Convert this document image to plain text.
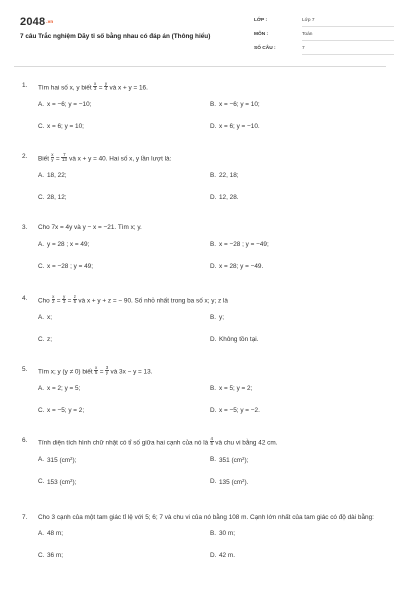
$2048^{.vn}$
7 câu Trắc nghiệm Dãy tỉ số bằng nhau có đáp án (Thông hiểu)
LỚP :	Lớp 7
MÔN :	Toán
SỐ CÂU :	7
1. Tìm hai số x, y biết $\frac{x}{3} = \frac{y}{4}$ và x + y = 16.
A. x = −6; y = −10;	B. x = −6; y = 10;
C. x = 6; y = 10;	D. x = 6; y = −10.
2. Biết $\frac{x}{y} = \frac{7}{13}$ và x + y = 40. Hai số x, y lần lượt là:
A. 18, 22;	B. 22, 18;
C. 28, 12;	D. 12, 28.
3. Cho 7x = 4y và y − x = −21. Tìm x; y.
A. y = 28 ; x = 49;	B. x = −28 ; y = −49;
C. x = −28 ; y = 49;	D. x = 28; y = −49.
4. Cho $\frac{x}{2} = \frac{y}{3} = \frac{z}{5}$ và x + y + z = − 90. Số nhỏ nhất trong ba số x; y; z là
A. x;	B. y;
C. z;	D. Không tồn tại.
5. Tìm x; y (y ≠ 0) biết $\frac{x}{5} = \frac{3}{y}$ và 3x − y = 13.
A. x = 2; y = 5;	B. x = 5; y = 2;
C. x = −5; y = 2;	D. x = −5; y = −2.
6. Tính diện tích hình chữ nhật có tỉ số giữa hai cạnh của nó là $\frac{4}{5}$ và chu vi bằng 42 cm.
A. 315 $(cm^2)$;	B. 351 $(cm^2)$;
C. 153 $(cm^2)$;	D. 135 $(cm^2)$.
7. Cho 3 cạnh của một tam giác tỉ lệ với 5; 6; 7 và chu vi của nó bằng 108 m. Cạnh lớn nhất của tam giác có độ dài bằng:
A. 48 m;	B. 30 m;
C. 36 m;	D. 42 m.
